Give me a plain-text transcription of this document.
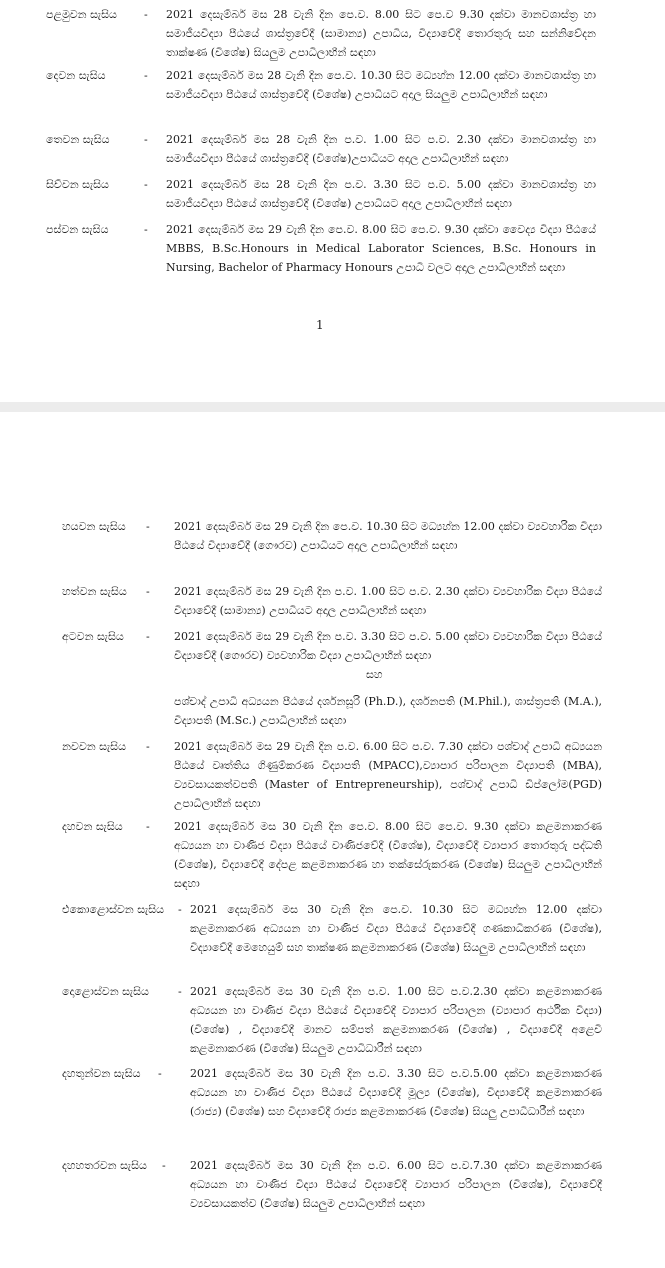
පළමුවන සැසිය - 2021 දෙසැම්බර් මස 28 වැනි දින පෙ.ව. 8.00 සිට පෙ.ව 9.30 දක්වා මානවශාස්ත්‍ර හා සමාජීයවිද්‍යා පීඨයේ ශාස්ත්‍රවේදී (සාමාන්‍ය) උපාධිය, විද්‍යාවේදී තොරතුරු සහ සන්නිවේදන තාක්ෂණ (විශේෂ) සියලුම උපාධිලාභීන් සඳහා
දෙවන සැසිය	- 2021 දෙසැම්බර් මස 28 වැනි දින පෙ.ව. 10.30 සිට මධ්‍යහ්න 12.00 දක්වා මානවශාස්ත්‍ර හා සමාජීයවිද්‍යා පීඨයේ ශාස්ත්‍රවේදී (විශේෂ) උපාධියට අදාල සියලුම උපාධිලාභීන් සඳහා
තෙවන සැසිය	- 2021 දෙසැම්බර් මස 28 වැනි දින ප.ව. 1.00 සිට ප.ව. 2.30 දක්වා මානවශාස්ත්‍ර හා සමාජීයවිද්‍යා පීඨයේ ශාස්ත්‍රවේදී (විශේෂ)උපාධියට අදාල උපාධිලාභීන් සඳහා
සිව්වන සැසිය	- 2021 දෙසැම්බර් මස 28 වැනි දින ප.ව. 3.30 සිට ප.ව. 5.00 දක්වා මානවශාස්ත්‍ර හා සමාජීයවිද්‍යා පීඨයේ ශාස්ත්‍රවේදී (විශේෂ) උපාධියට අදාල උපාධිලාභීන් සඳහා
පස්වන සැසිය	- 2021 දෙසැම්බර් මස 29 වැනි දින පෙ.ව. 8.00 සිට පෙ.ව. 9.30 දක්වා වෛද්‍ය විද්‍යා පීඨයේ MBBS, B.Sc.Honours in Medical Laborator Sciences, B.Sc. Honours in Nursing, Bachelor of Pharmacy Honours උපාධි වලට අදාල උපාධිලාභීන් සඳහා
1
හයවන සැසිය - 2021 දෙසැම්බර් මස 29 වැනි දින පෙ.ව. 10.30 සිට මධ්‍යහ්න 12.00 දක්වා ව්‍යවහාරික විද්‍යා පීඨයේ විද්‍යාවේදී (ගෞරව) උපාධියට අදාල උපාධිලාභීන් සඳහා
හත්වන සැසිය - 2021 දෙසැම්බර් මස 29 වැනි දින ප.ව. 1.00 සිට ප.ව. 2.30 දක්වා ව්‍යවහාරික විද්‍යා පීඨයේ විද්‍යාවේදී (සාමාන්‍ය) උපාධියට අදාල උපාධිලාභීන් සඳහා
අටවන සැසිය - 2021 දෙසැම්බර් මස 29 වැනි දින ප.ව. 3.30 සිට ප.ව. 5.00 දක්වා ව්‍යවහාරික විද්‍යා පීඨයේ විද්‍යාවේදී (ගෞරව) ව්‍යවහාරික විද්‍යා උපාධිලාභීන් සඳහා
සහ
පශ්චාද් උපාධි අධ්‍යයන පීඨයේ දර්ශනසූරි (Ph.D.), දර්ශනපති (M.Phil.), ශාස්ත්‍රපති (M.A.), විද්‍යාපති (M.Sc.) උපාධිලාභීන් සඳහා
නවවන සැසිය - 2021 දෙසැම්බර් මස 29 වැනි දින ප.ව. 6.00 සිට ප.ව. 7.30 දක්වා පශ්චාද් උපාධි අධ්‍යයන පීඨයේ වෘත්තිය ගිණුම්කරණ විද්‍යාපති (MPACC),ව්‍යාපාර පරිපාලන විද්‍යාපති (MBA), ව්‍යවසායකත්වපති (Master of Entrepreneurship), පශ්චාද් උපාධි ඩිප්ලෝම(PGD) උපාධිලාභීන් සඳහා
දහවන සැසිය - 2021 දෙසැම්බර් මස 30 වැනි දින පෙ.ව. 8.00 සිට පෙ.ව. 9.30 දක්වා කළමනාකරණ අධ්‍යයන හා වාණිජ විද්‍යා පීඨයේ වාණිජවේදී (විශේෂ), විද්‍යාවේදී ව්‍යාපාර තොරතුරු පද්ධති (විශේෂ), විද්‍යාවේදී දේපළ කළමනාකරණ හා තක්සේරුකරණ (විශේෂ) සියලුම උපාධිලාභීන් සඳහා
එකොළොස්වන සැසිය - 2021 දෙසැම්බර් මස 30 වැනි දින පෙ.ව. 10.30 සිට මධ්‍යහ්න 12.00 දක්වා කළමනාකරණ අධ්‍යයන හා වාණිජ විද්‍යා පීඨයේ විද්‍යාවේදී ගණකාධිකරණ (විශේෂ), විද්‍යාවේදී මෙහෙයුම් සහ තාක්ෂණ කළමනාකරණ (විශේෂ) සියලුම උපාධිලාභීන් සඳහා
දොළොස්වන සැසිය	- 2021 දෙසැම්බර් මස 30 වැනි දින ප.ව. 1.00 සිට ප.ව.2.30 දක්වා කළමනාකරණ අධ්‍යයන හා වාණිජ විද්‍යා පීඨයේ විද්‍යාවේදී ව්‍යාපාර පරිපාලන (ව්‍යාපාර ආර්ථික විද්‍යා) (විශේෂ) , විද්‍යාවේදී මානව සම්පත් කළමනාකරණ (විශේෂ) , විද්‍යාවේදී අළෙවි කළමනාකරණ (විශේෂ) සියලුම උපාධිධාරීන් සඳහා
දහතුන්වන සැසිය -	2021 දෙසැම්බර් මස 30 වැනි දින ප.ව. 3.30 සිට ප.ව.5.00 දක්වා කළමනාකරණ අධ්‍යයන හා වාණිජ විද්‍යා පීඨයේ විද්‍යාවේදී මූල්‍ය (විශේෂ), විද්‍යාවේදී කළමනාකරණ (රාජ්‍ය) (විශේෂ) සහ විද්‍යාවේදී රාජ්‍ය කළමනාකරණ (විශේෂ) සියලු උපාධිධාරීන් සඳහා
දහහතරවන සැසිය - 2021 දෙසැම්බර් මස 30 වැනි දින ප.ව. 6.00 සිට ප.ව.7.30 දක්වා කළමනාකරණ අධ්‍යයන හා වාණිජ විද්‍යා පීඨයේ විද්‍යාවේදී ව්‍යාපාර පරිපාලන (විශේෂ), විද්‍යාවේදී ව්‍යවසායකත්ව (විශේෂ) සියලුම උපාධිලාභීන් සඳහා
